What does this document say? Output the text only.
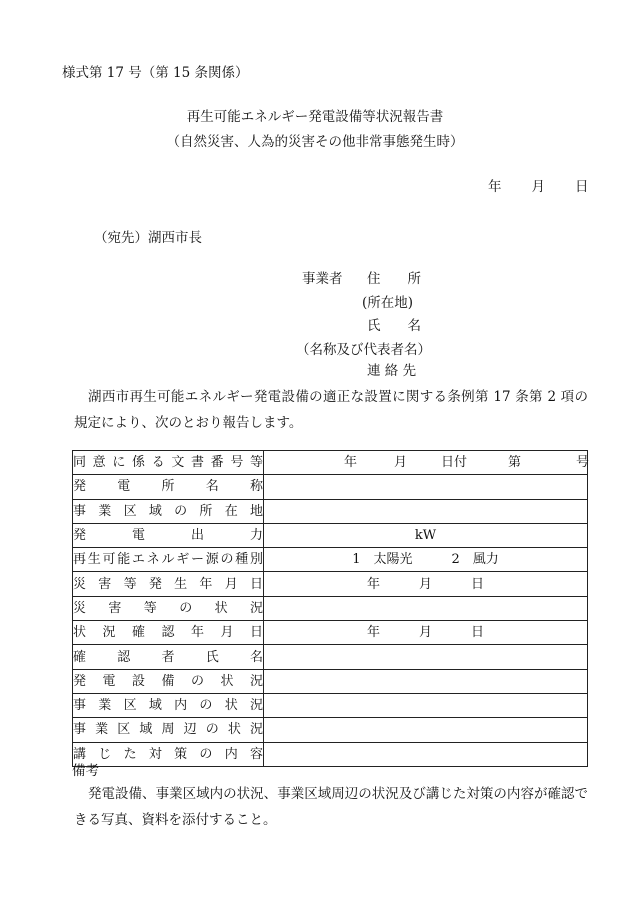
様式第 17 号（第 15 条関係）
再生可能エネルギー発電設備等状況報告書
（自然災害、人為的災害その他非常事態発生時）
年 月 日
（宛先）湖西市長
事業者 住　　所
(所在地)
氏　　名
（名称及び代表者名）
連 絡 先
湖西市再生可能エネルギー発電設備の適正な設置に関する条例第 17 条第 2 項の規定により、次のとおり報告します。
同意に係る文書番号等	年 月 日付 第 号

発電所名称	
事業区域の所在地	
発電出力	kW
再生可能エネルギー源の種別	1　太陽光　　　2　風力
災害等発生年月日	年　　　月　　　日
災害等の状況	
状況確認年月日	年　　　月　　　日
確認者氏名	
発電設備の状況	
事業区域内の状況	
事業区域周辺の状況	
講じた対策の内容	
備考
発電設備、事業区域内の状況、事業区域周辺の状況及び講じた対策の内容が確認できる写真、資料を添付すること。
